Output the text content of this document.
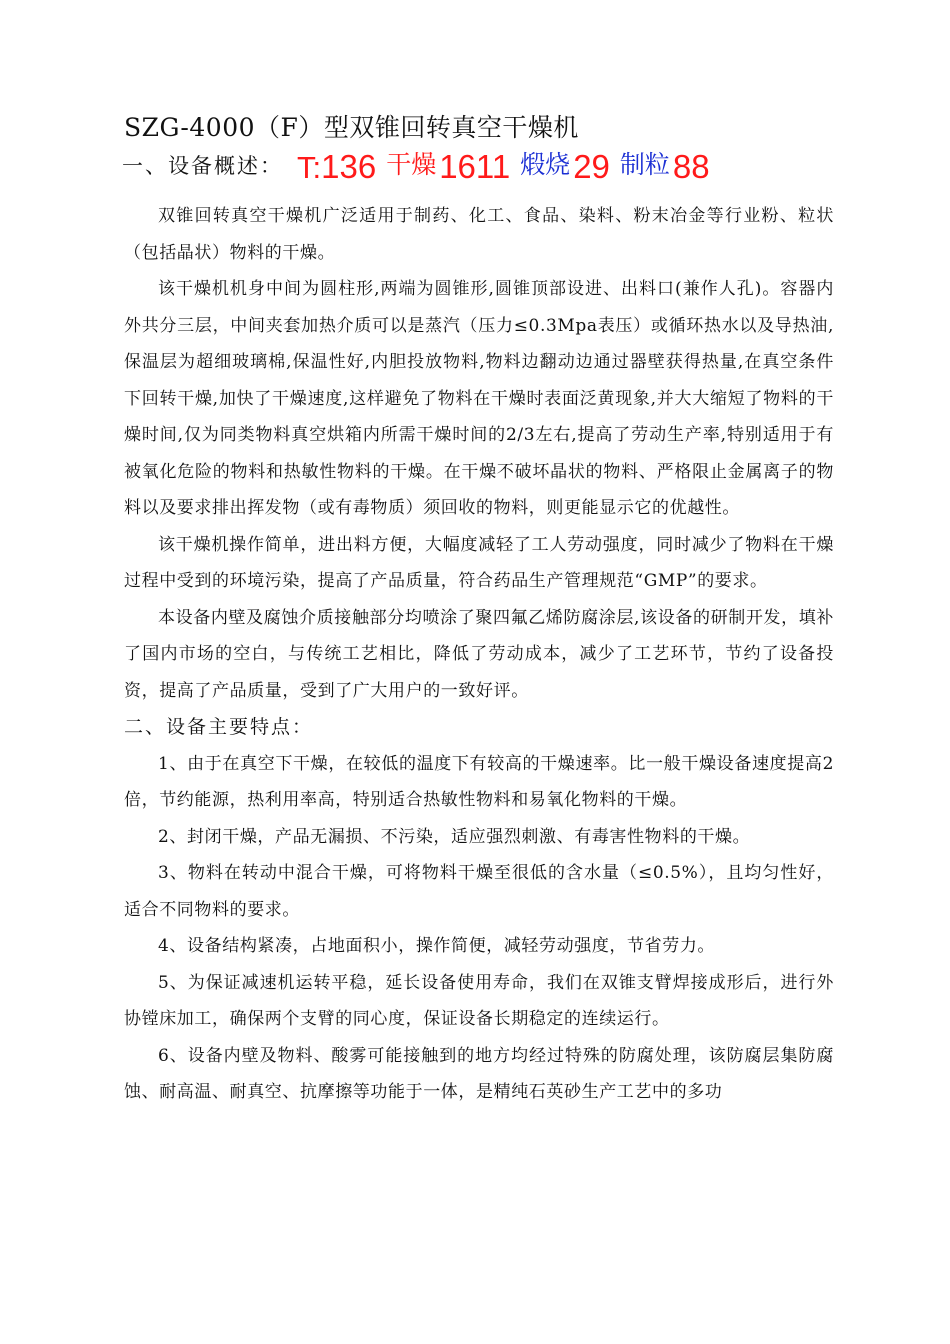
SZG-4000（F）型双锥回转真空干燥机
一、设备概述： T: 136 干燥 1611 煅烧 29 制粒 88

双锥回转真空干燥机广泛适用于制药、化工、食品、染料、粉末冶金等行业粉、粒状（包括晶状）物料的干燥。

该干燥机机身中间为圆柱形,两端为圆锥形,圆锥顶部设进、出料口(兼作人孔)。容器内外共分三层，中间夹套加热介质可以是蒸汽（压力≤0.3Mpa表压）或循环热水以及导热油,保温层为超细玻璃棉,保温性好,内胆投放物料,物料边翻动边通过器壁获得热量,在真空条件下回转干燥,加快了干燥速度,这样避免了物料在干燥时表面泛黄现象,并大大缩短了物料的干燥时间,仅为同类物料真空烘箱内所需干燥时间的2/3左右,提高了劳动生产率,特别适用于有被氧化危险的物料和热敏性物料的干燥。在干燥不破坏晶状的物料、严格限止金属离子的物料以及要求排出挥发物（或有毒物质）须回收的物料，则更能显示它的优越性。

该干燥机操作简单，进出料方便，大幅度减轻了工人劳动强度，同时减少了物料在干燥过程中受到的环境污染，提高了产品质量，符合药品生产管理规范“GMP”的要求。

本设备内壁及腐蚀介质接触部分均喷涂了聚四氟乙烯防腐涂层,该设备的研制开发，填补了国内市场的空白，与传统工艺相比，降低了劳动成本，减少了工艺环节，节约了设备投资，提高了产品质量，受到了广大用户的一致好评。

二、设备主要特点：

1、由于在真空下干燥，在较低的温度下有较高的干燥速率。比一般干燥设备速度提高2倍，节约能源，热利用率高，特别适合热敏性物料和易氧化物料的干燥。

2、封闭干燥，产品无漏损、不污染，适应强烈刺激、有毒害性物料的干燥。

3、物料在转动中混合干燥，可将物料干燥至很低的含水量（≤0.5%），且均匀性好，适合不同物料的要求。

4、设备结构紧凑，占地面积小，操作简便，减轻劳动强度，节省劳力。

5、为保证减速机运转平稳，延长设备使用寿命，我们在双锥支臂焊接成形后，进行外协镗床加工，确保两个支臂的同心度，保证设备长期稳定的连续运行。

6、设备内壁及物料、酸雾可能接触到的地方均经过特殊的防腐处理，该防腐层集防腐蚀、耐高温、耐真空、抗摩擦等功能于一体，是精纯石英砂生产工艺中的多功
